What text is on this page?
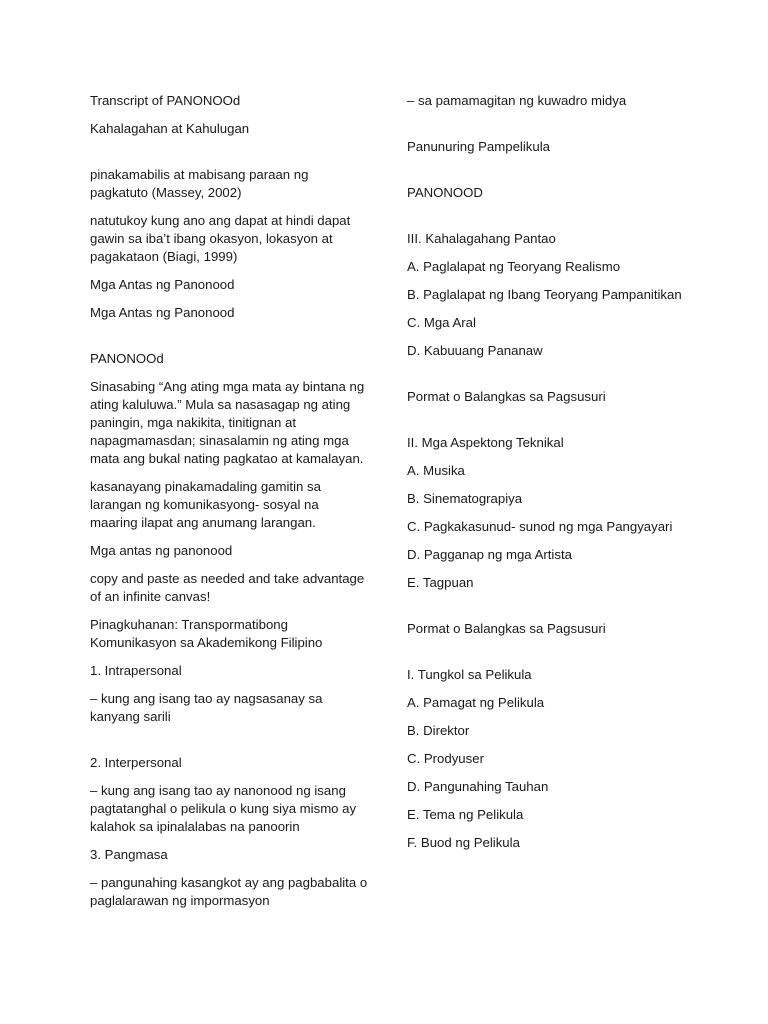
Transcript of PANONOOd

Kahalagahan at Kahulugan

pinakamabilis at mabisang paraan ng pagkatuto (Massey, 2002)

natutukoy kung ano ang dapat at hindi dapat gawin sa iba’t ibang okasyon, lokasyon at pagakataon (Biagi, 1999)

Mga Antas ng Panonood

Mga Antas ng Panonood

PANONOOd

Sinasabing “Ang ating mga mata ay bintana ng ating kaluluwa.” Mula sa nasasagap ng ating paningin, mga nakikita, tinitignan at napagmamasdan; sinasalamin ng ating mga mata ang bukal nating pagkatao at kamalayan.

kasanayang pinakamadaling gamitin sa larangan ng komunikasyong- sosyal na maaring ilapat ang anumang larangan.

Mga antas ng panonood

copy and paste as needed and take advantage of an infinite canvas!

Pinagkuhanan: Transpormatibong Komunikasyon sa Akademikong Filipino

1. Intrapersonal

– kung ang isang tao ay nagsasanay sa kanyang sarili

2. Interpersonal

– kung ang isang tao ay nanonood ng isang pagtatanghal o pelikula o kung siya mismo ay kalahok sa ipinalalabas na panoorin

3. Pangmasa

– pangunahing kasangkot ay ang pagbabalita o paglalarawan ng impormasyon

– sa pamamagitan ng kuwadro midya

Panunuring Pampelikula

PANONOOD

III. Kahalagahang Pantao

A. Paglalapat ng Teoryang Realismo

B. Paglalapat ng Ibang Teoryang Pampanitikan

C. Mga Aral

D. Kabuuang Pananaw

Pormat o Balangkas sa Pagsusuri

II. Mga Aspektong Teknikal

A. Musika

B. Sinematograpiya

C. Pagkakasunud- sunod ng mga Pangyayari

D. Pagganap ng mga Artista

E. Tagpuan

Pormat o Balangkas sa Pagsusuri

I. Tungkol sa Pelikula

A. Pamagat ng Pelikula

B. Direktor

C. Prodyuser

D. Pangunahing Tauhan

E. Tema ng Pelikula

F. Buod ng Pelikula
